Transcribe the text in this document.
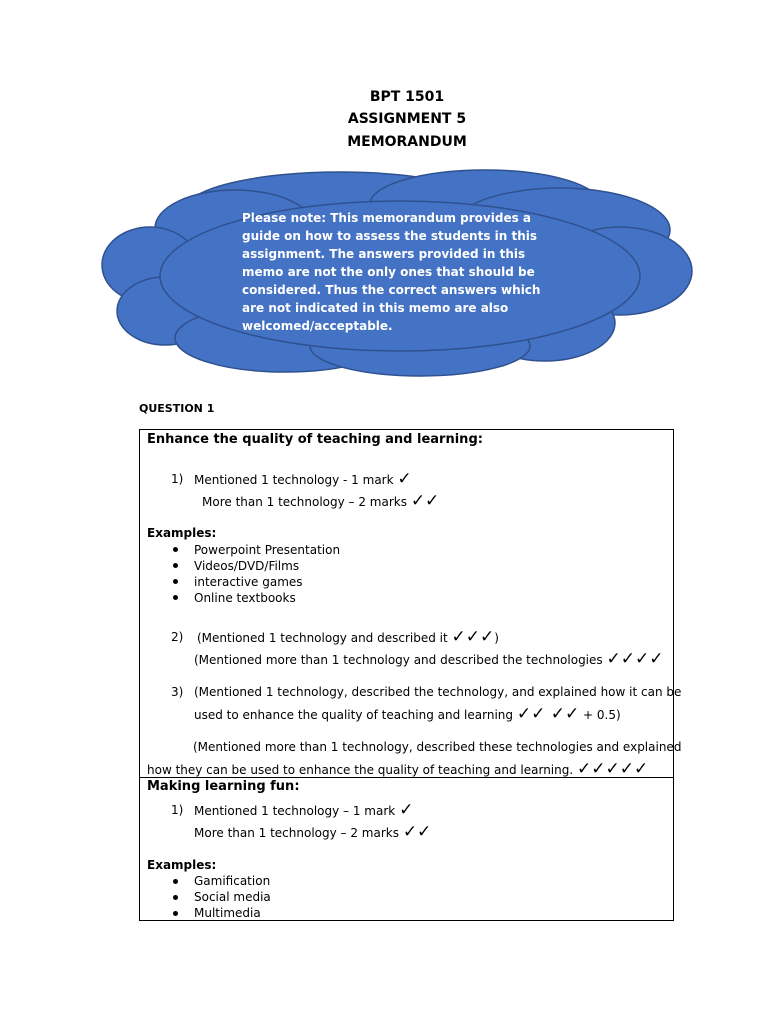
BPT 1501
ASSIGNMENT 5
MEMORANDUM
Please note: This memorandum provides a guide on how to assess the students in this assignment. The answers provided in this memo are not the only ones that should be considered. Thus the correct answers which are not indicated in this memo are also welcomed/acceptable.
QUESTION 1
Enhance the quality of teaching and learning:
1) Mentioned 1 technology - 1 mark ✓
More than 1 technology – 2 marks ✓✓
Examples:
Powerpoint Presentation
Videos/DVD/Films
interactive games
Online textbooks
2) (Mentioned 1 technology and described it ✓✓✓)
(Mentioned more than 1 technology and described the technologies ✓✓✓✓
3) (Mentioned 1 technology, described the technology, and explained how it can be
used to enhance the quality of teaching and learning ✓✓ ✓✓ + 0.5)
(Mentioned more than 1 technology, described these technologies and explained
how they can be used to enhance the quality of teaching and learning. ✓✓✓✓✓
Making learning fun:
1) Mentioned 1 technology – 1 mark ✓
More than 1 technology – 2 marks ✓✓
Examples:
Gamification
Social media
Multimedia
